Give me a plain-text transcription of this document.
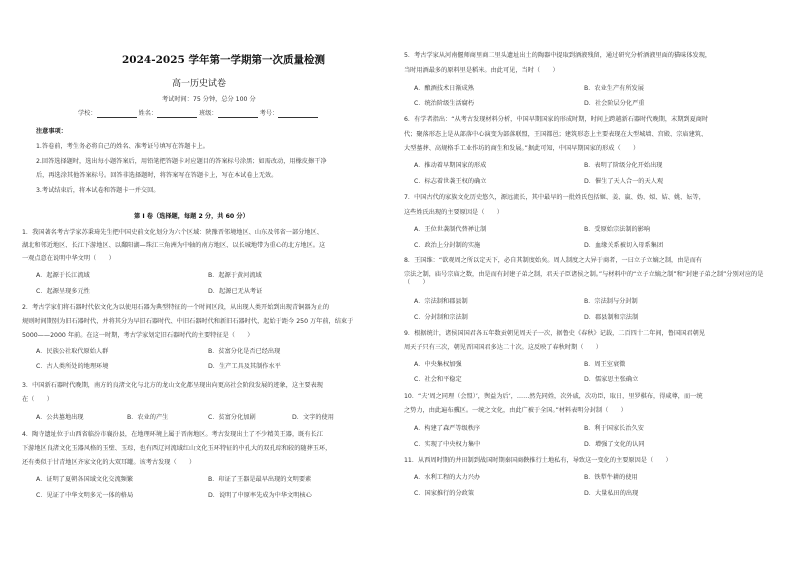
2024-2025 学年第一学期第一次质量检测
高一历史试卷
考试时间：75 分钟，总分 100 分
学校：	姓名：	班级：	考号：
注意事项：
1.答卷前，考生务必将自己的姓名、准考证号填写在答题卡上。
2.回答选择题时，选出每小题答案后，用铅笔把答题卡对应题目的答案标号涂黑；如需改动，用橡皮擦干净
后，再选涂其他答案标号。回答非选择题时，将答案写在答题卡上，写在本试卷上无效。
3.考试结束后，将本试卷和答题卡一并交回。
第 I 卷（选择题，每题 2 分，共 60 分）
1．我国著名考古学家苏秉琦先生把中国史前文化划分为六个区域：陕豫晋邻境地区、山东及邻省一部分地区、
湖北和邻近地区、长江下游地区、以鄱阳湖—珠江三角洲为中轴的南方地区、以长城地带为重心的北方地区。这
一观点意在说明中华文明（　　）
A．起源于长江流域	B．起源于黄河流域
C．起源呈现多元性	D．起源已无从考证
2．考古学家们将石器时代依文化为以使用石器为典型特征的一个时间区段，从出现人类开始到出现青铜器为止的
规则时间期别为旧石器时代，并将其分为早旧石器时代、中旧石器时代和新旧石器时代，起始于距今 250 万年前，结束于
5000——2000 年前。在这一时期，考古学家划定旧石器时代的主要特征是（　　）
A．民族公社取代原始人群	B．贫富分化是否已经出现
C．古人类所处的地理环境	D．生产工具及其制作水平
3．中国新石器时代晚期，南方的良渚文化与北方的龙山文化都呈现出向更高社会阶段发展的迹象，这主要表现
在（　　）
A．公共墓地出现	B．农业的产生	C．贫富分化加剧	D．文字的使用
4．陶寺遗址位于山西省临汾市襄汾县，在地理环境上属于晋南地区。考古发现出土了不少精美王器，既有长江
下游地区良渚文化玉器风格的玉壁、玉琮，也有西辽河流域红山文化玉环特征的中孔大的双孔琮和较的随葬玉环，
还有类似于甘青地区齐家文化的大双耳罐。该考古发现（　　）
A．证明了夏朝各国域文化交流频繁	B．印证了王器是最早出现的文明要素
C．见证了中华文明多元一体的格局	D．说明了中原率先成为中华文明核心
5．考古学家从河南偃师商里商二里头遗址出土的陶器中提取到酒液残留，通过研究分析酒液里面的猫味体发现，
当时用酒最多的原料里是稻米。由此可见，当时（　　）
A．酿酒技术日渐成熟	B．农业生产有所发展
C．统治阶级生活腐朽	D．社会阶层分化严重
6．有学者指出：“从考古发现材料分析，中国早期国家的形成时期，时间上跨越新石器时代晚期，末期到夏商时
代；聚落形态上是从部落中心演变为部落联盟，王国都邑；建筑形态上主要表现在大型城墙、宫殿、宗庙建筑、
大型墓葬、高规格手工业作坊的商生和发展。”据此可知，中国早期国家的形成（　　）
A．推动着早期国家的形成	B．表明了阶级分化开始出现
C．标志着世袭王权的确立	D．催生了天人合一的天人观
7．中国古代的家族文化历史悠久，源远流长，其中最早的一批姓氏包括姬、姜、嬴、妫、姒、姞、姚、妘等，
这些姓氏出现的主要原因是（　　）
A．王位世袭制代替禅让制	B．受原始宗法制的影响
C．政治上分封制的实施	D．血缘关系被切入母系集团
8．王国维：“欲观周之所以定天下，必自其制度始矣。周人制度之大异于商者，一曰立子立嫡之制，由是而有
宗法之制，庙号宗庙之数，由是而有封建子弟之制，君天子臣诸侯之制。”与材料中的“立子立嫡之制”和“封建子弟之制”分别对应的是（　　）
A．宗法制和郡县制	B．宗法制与分封制
C．分封制和宗法制	D．郡县制和宗法制
9．根据统计，诸侯国国君各五年数贡朝见周天子一次，据鲁史《春秋》记载，二百四十二年间，鲁国国君朝见
周天子只有三次，朝见晋国国君多达二十次。这反映了春秋时期（　　）
A．中央集权加强	B．周王室衰微
C．社会和平稳定	D．儒家思主张确立
10．“夫‘周之同理（会盟）’，舆益为后’，……然先同姓，次外戚，次功臣，取日，里罗棋布，得咸尊，而一统
之势力，由此遍布骥区。一统之文化，由此广被于全国。”材料表明分封制（　　）
A．构建了森严等级秩序	B．利于国家长治久安
C．实现了中央权力集中	D．增强了文化的认同
11．从西周时期的井田制到战国时期秦国商鞅推行土地私有，导致这一变化的主要原因是（　　）
A．水利工程的大力兴办	B．铁犁牛耕的使用
C．国家推行的分政策	D．大量私田的出现
